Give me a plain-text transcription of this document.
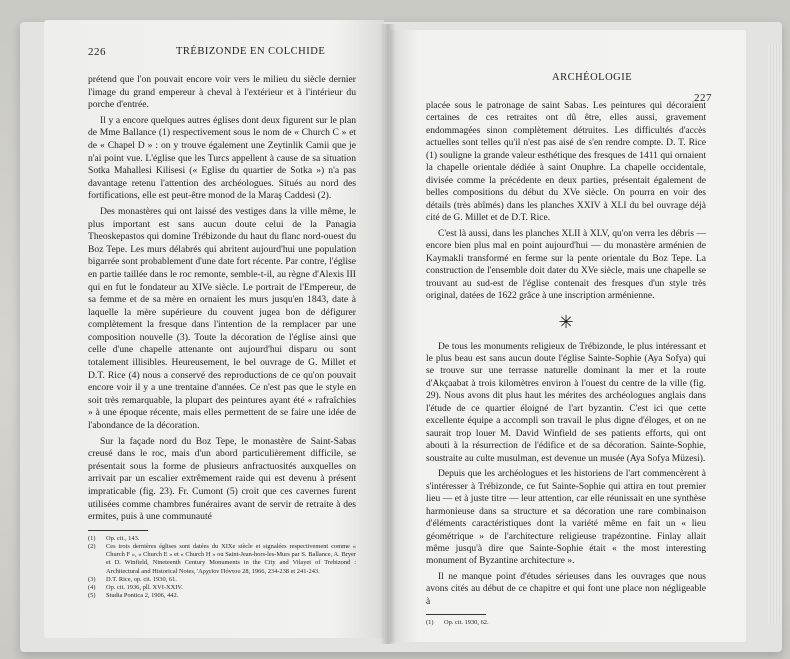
226	TRÉBIZONDE EN COLCHIDE

prétend que l'on pouvait encore voir vers le milieu du siècle dernier l'image du grand empereur à cheval à l'extérieur et à l'intérieur du porche d'entrée.

Il y a encore quelques autres églises dont deux figurent sur le plan de Mme Ballance (1) respectivement sous le nom de « Church C » et de « Chapel D » : on y trouve également une Zeytinlik Camii que je n'ai point vue. L'église que les Turcs appellent à cause de sa situation Sotka Mahallesi Kilisesi (« Eglise du quartier de Sotka ») n'a pas davantage retenu l'attention des archéologues. Situés au nord des fortifications, elle est peut-être monod de la Maraş Caddesi (2).

Des monastères qui ont laissé des vestiges dans la ville même, le plus important est sans aucun doute celui de la Panagia Theoskepastos qui domine Trébizonde du haut du flanc nord-ouest du Boz Tepe. Les murs délabrés qui abritent aujourd'hui une population bigarrée sont probablement d'une date fort récente. Par contre, l'église en partie taillée dans le roc remonte, semble-t-il, au règne d'Alexis III qui en fut le fondateur au XIVe siècle. Le portrait de l'Empereur, de sa femme et de sa mère en ornaient les murs jusqu'en 1843, date à laquelle la mère supérieure du couvent jugea bon de défigurer complètement la fresque dans l'intention de la remplacer par une composition nouvelle (3). Toute la décoration de l'église ainsi que celle d'une chapelle attenante ont aujourd'hui disparu ou sont totalement illisibles. Heureusement, le bel ouvrage de G. Millet et D.T. Rice (4) nous a conservé des reproductions de ce qu'on pouvait encore voir il y a une trentaine d'années. Ce n'est pas que le style en soit très remarquable, la plupart des peintures ayant été « rafraîchies » à une époque récente, mais elles permettent de se faire une idée de l'abondance de la décoration.

Sur la façade nord du Boz Tepe, le monastère de Saint-Sabas creusé dans le roc, mais d'un abord particulièrement difficile, se présentait sous la forme de plusieurs anfractuosités auxquelles on arrivait par un escalier extrêmement raide qui est devenu à présent impraticable (fig. 23). Fr. Cumont (5) croit que ces cavernes furent utilisées comme chambres funéraires avant de servir de retraite à des ermites, puis à une communauté

(1)	Op. cit., 143.
(2)	Ces trois dernières églises sont datées du XIXe siècle et signalées respectivement comme « Church F », « Church E » et « Church H » ou Saint-Jean-hors-les-Murs par S. Ballance, A. Bryer et D. Winfield, Nineteenth Century Monuments in the City and Vilayet of Trebizond : Architectural and Historical Notes, 'Αρχεῖον Πόντου 28, 1966, 234-238 et 241-243.
(3)	D.T. Rice, op. cit. 1930, 61.
(4)	Op. cit. 1936, pll. XVI-XXIV.
(5)	Studia Pontica 2, 1906, 442.
ARCHÉOLOGIE
227

placée sous le patronage de saint Sabas. Les peintures qui décoraient certaines de ces retraites ont dû être, elles aussi, gravement endommagées sinon complètement détruites. Les difficultés d'accès actuelles sont telles qu'il n'est pas aisé de s'en rendre compte. D. T. Rice (1) souligne la grande valeur esthétique des fresques de 1411 qui ornaient la chapelle orientale dédiée à saint Onuphre. La chapelle occidentale, divisée comme la précédente en deux parties, présentait également de belles compositions du début du XVe siècle. On pourra en voir des détails (très abîmés) dans les planches XXIV à XLI du bel ouvrage déjà cité de G. Millet et de D.T. Rice.

C'est là aussi, dans les planches XLII à XLV, qu'on verra les débris — encore bien plus mal en point aujourd'hui — du monastère arménien de Kaymakli transformé en ferme sur la pente orientale du Boz Tepe. La construction de l'ensemble doit dater du XVe siècle, mais une chapelle se trouvant au sud-est de l'église contenait des fresques d'un style très original, datées de 1622 grâce à une inscription arménienne.

✳

De tous les monuments religieux de Trébizonde, le plus intéressant et le plus beau est sans aucun doute l'église Sainte-Sophie (Aya Sofya) qui se trouve sur une terrasse naturelle dominant la mer et la route d'Akçaabat à trois kilomètres environ à l'ouest du centre de la ville (fig. 29). Nous avons dit plus haut les mérites des archéologues anglais dans l'étude de ce quartier éloigné de l'art byzantin. C'est ici que cette excellente équipe a accompli son travail le plus digne d'éloges, et on ne saurait trop louer M. David Winfield de ses patients efforts, qui ont abouti à la résurrection de l'édifice et de sa décoration. Sainte-Sophie, soustraite au culte musulman, est devenue un musée (Aya Sofya Müzesi).

Depuis que les archéologues et les historiens de l'art commencèrent à s'intéresser à Trébizonde, ce fut Sainte-Sophie qui attira en tout premier lieu — et à juste titre — leur attention, car elle réunissait en une synthèse harmonieuse dans sa structure et sa décoration une rare combinaison d'éléments caractéristiques dont la variété même en fait un « lieu géométrique » de l'architecture religieuse trapézontine. Finlay allait même jusqu'à dire que Sainte-Sophie était « the most interesting monument of Byzantine architecture ».

Il ne manque point d'études sérieuses dans les ouvrages que nous avons cités au début de ce chapitre et qui font une place non négligeable à

(1)	Op. cit. 1930, 62.
